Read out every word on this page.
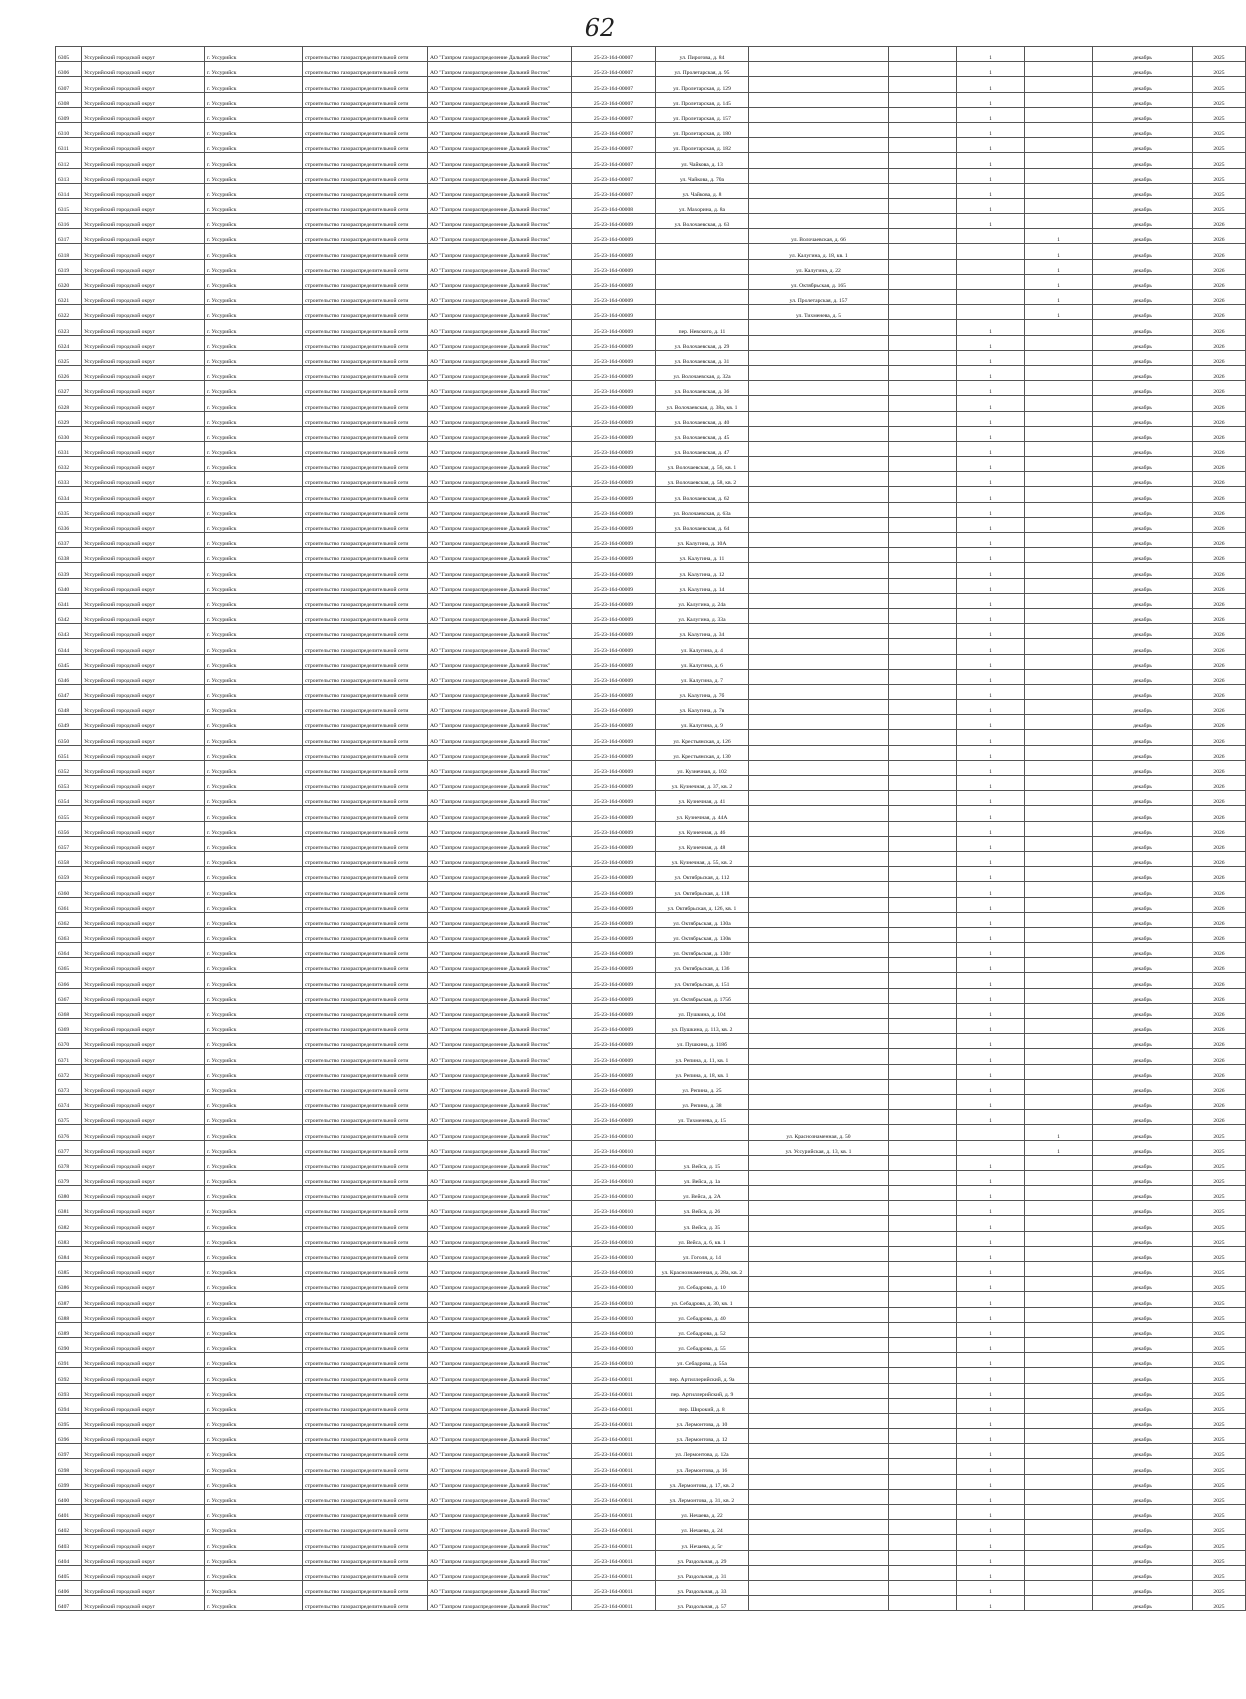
62
6305	Уссурийский городской округ	г. Уссурийск	строительство газораспределительной сети	АО "Газпром газораспределение Дальний Восток"	25-23-164-00007	ул. Пирогова, д. 84			1		декабрь	2025
6306	Уссурийский городской округ	г. Уссурийск	строительство газораспределительной сети	АО "Газпром газораспределение Дальний Восток"	25-23-164-00007	ул. Пролетарская, д. 95			1		декабрь	2025
6307	Уссурийский городской округ	г. Уссурийск	строительство газораспределительной сети	АО "Газпром газораспределение Дальний Восток"	25-23-164-00007	ул. Пролетарская, д. 129			1		декабрь	2025
6308	Уссурийский городской округ	г. Уссурийск	строительство газораспределительной сети	АО "Газпром газораспределение Дальний Восток"	25-23-164-00007	ул. Пролетарская, д. 145			1		декабрь	2025
6309	Уссурийский городской округ	г. Уссурийск	строительство газораспределительной сети	АО "Газпром газораспределение Дальний Восток"	25-23-164-00007	ул. Пролетарская, д. 157			1		декабрь	2025
6310	Уссурийский городской округ	г. Уссурийск	строительство газораспределительной сети	АО "Газпром газораспределение Дальний Восток"	25-23-164-00007	ул. Пролетарская, д. 180			1		декабрь	2025
6311	Уссурийский городской округ	г. Уссурийск	строительство газораспределительной сети	АО "Газпром газораспределение Дальний Восток"	25-23-164-00007	ул. Пролетарская, д. 182			1		декабрь	2025
6312	Уссурийский городской округ	г. Уссурийск	строительство газораспределительной сети	АО "Газпром газораспределение Дальний Восток"	25-23-164-00007	ул. Чайкова, д. 13			1		декабрь	2025
6313	Уссурийский городской округ	г. Уссурийск	строительство газораспределительной сети	АО "Газпром газораспределение Дальний Восток"	25-23-164-00007	ул. Чайкова, д. 70а			1		декабрь	2025
6314	Уссурийский городской округ	г. Уссурийск	строительство газораспределительной сети	АО "Газпром газораспределение Дальний Восток"	25-23-164-00007	ул. Чайкова, д. 8			1		декабрь	2025
6315	Уссурийский городской округ	г. Уссурийск	строительство газораспределительной сети	АО "Газпром газораспределение Дальний Восток"	25-23-164-00008	ул. Махорина, д. 8а			1		декабрь	2025
6316	Уссурийский городской округ	г. Уссурийск	строительство газораспределительной сети	АО "Газпром газораспределение Дальний Восток"	25-23-164-00009	ул. Волочаевская, д. 63			1		декабрь	2026
6317	Уссурийский городской округ	г. Уссурийск	строительство газораспределительной сети	АО "Газпром газораспределение Дальний Восток"	25-23-164-00009		ул. Волочаевская, д. 66			1	декабрь	2026
6318	Уссурийский городской округ	г. Уссурийск	строительство газораспределительной сети	АО "Газпром газораспределение Дальний Восток"	25-23-164-00009		ул. Калугина, д. 18, кв. 1			1	декабрь	2026
6319	Уссурийский городской округ	г. Уссурийск	строительство газораспределительной сети	АО "Газпром газораспределение Дальний Восток"	25-23-164-00009		ул. Калугина, д. 22			1	декабрь	2026
6320	Уссурийский городской округ	г. Уссурийск	строительство газораспределительной сети	АО "Газпром газораспределение Дальний Восток"	25-23-164-00009		ул. Октябрьская, д. 165			1	декабрь	2026
6321	Уссурийский городской округ	г. Уссурийск	строительство газораспределительной сети	АО "Газпром газораспределение Дальний Восток"	25-23-164-00009		ул. Пролетарская, д. 157			1	декабрь	2026
6322	Уссурийский городской округ	г. Уссурийск	строительство газораспределительной сети	АО "Газпром газораспределение Дальний Восток"	25-23-164-00009		ул. Тихменева, д. 5			1	декабрь	2026
6323	Уссурийский городской округ	г. Уссурийск	строительство газораспределительной сети	АО "Газпром газораспределение Дальний Восток"	25-23-164-00009	пер. Невского, д. 11			1		декабрь	2026
6324	Уссурийский городской округ	г. Уссурийск	строительство газораспределительной сети	АО "Газпром газораспределение Дальний Восток"	25-23-164-00009	ул. Волочаевская, д. 29			1		декабрь	2026
6325	Уссурийский городской округ	г. Уссурийск	строительство газораспределительной сети	АО "Газпром газораспределение Дальний Восток"	25-23-164-00009	ул. Волочаевская, д. 31			1		декабрь	2026
6326	Уссурийский городской округ	г. Уссурийск	строительство газораспределительной сети	АО "Газпром газораспределение Дальний Восток"	25-23-164-00009	ул. Волочаевская, д. 32а			1		декабрь	2026
6327	Уссурийский городской округ	г. Уссурийск	строительство газораспределительной сети	АО "Газпром газораспределение Дальний Восток"	25-23-164-00009	ул. Волочаевская, д. 36			1		декабрь	2026
6328	Уссурийский городской округ	г. Уссурийск	строительство газораспределительной сети	АО "Газпром газораспределение Дальний Восток"	25-23-164-00009	ул. Волочаевская, д. 38а, кв. 1			1		декабрь	2026
6329	Уссурийский городской округ	г. Уссурийск	строительство газораспределительной сети	АО "Газпром газораспределение Дальний Восток"	25-23-164-00009	ул. Волочаевская, д. 40			1		декабрь	2026
6330	Уссурийский городской округ	г. Уссурийск	строительство газораспределительной сети	АО "Газпром газораспределение Дальний Восток"	25-23-164-00009	ул. Волочаевская, д. 45			1		декабрь	2026
6331	Уссурийский городской округ	г. Уссурийск	строительство газораспределительной сети	АО "Газпром газораспределение Дальний Восток"	25-23-164-00009	ул. Волочаевская, д. 47			1		декабрь	2026
6332	Уссурийский городской округ	г. Уссурийск	строительство газораспределительной сети	АО "Газпром газораспределение Дальний Восток"	25-23-164-00009	ул. Волочаевская, д. 56, кв. 1			1		декабрь	2026
6333	Уссурийский городской округ	г. Уссурийск	строительство газораспределительной сети	АО "Газпром газораспределение Дальний Восток"	25-23-164-00009	ул. Волочаевская, д. 58, кв. 2			1		декабрь	2026
6334	Уссурийский городской округ	г. Уссурийск	строительство газораспределительной сети	АО "Газпром газораспределение Дальний Восток"	25-23-164-00009	ул. Волочаевская, д. 62			1		декабрь	2026
6335	Уссурийский городской округ	г. Уссурийск	строительство газораспределительной сети	АО "Газпром газораспределение Дальний Восток"	25-23-164-00009	ул. Волочаевская, д. 63а			1		декабрь	2026
6336	Уссурийский городской округ	г. Уссурийск	строительство газораспределительной сети	АО "Газпром газораспределение Дальний Восток"	25-23-164-00009	ул. Волочаевская, д. 64			1		декабрь	2026
6337	Уссурийский городской округ	г. Уссурийск	строительство газораспределительной сети	АО "Газпром газораспределение Дальний Восток"	25-23-164-00009	ул. Калугина, д. 10А			1		декабрь	2026
6338	Уссурийский городской округ	г. Уссурийск	строительство газораспределительной сети	АО "Газпром газораспределение Дальний Восток"	25-23-164-00009	ул. Калугина, д. 11			1		декабрь	2026
6339	Уссурийский городской округ	г. Уссурийск	строительство газораспределительной сети	АО "Газпром газораспределение Дальний Восток"	25-23-164-00009	ул. Калугина, д. 12			1		декабрь	2026
6340	Уссурийский городской округ	г. Уссурийск	строительство газораспределительной сети	АО "Газпром газораспределение Дальний Восток"	25-23-164-00009	ул. Калугина, д. 14			1		декабрь	2026
6341	Уссурийский городской округ	г. Уссурийск	строительство газораспределительной сети	АО "Газпром газораспределение Дальний Восток"	25-23-164-00009	ул. Калугина, д. 24а			1		декабрь	2026
6342	Уссурийский городской округ	г. Уссурийск	строительство газораспределительной сети	АО "Газпром газораспределение Дальний Восток"	25-23-164-00009	ул. Калугина, д. 33а			1		декабрь	2026
6343	Уссурийский городской округ	г. Уссурийск	строительство газораспределительной сети	АО "Газпром газораспределение Дальний Восток"	25-23-164-00009	ул. Калугина, д. 34			1		декабрь	2026
6344	Уссурийский городской округ	г. Уссурийск	строительство газораспределительной сети	АО "Газпром газораспределение Дальний Восток"	25-23-164-00009	ул. Калугина, д. 4			1		декабрь	2026
6345	Уссурийский городской округ	г. Уссурийск	строительство газораспределительной сети	АО "Газпром газораспределение Дальний Восток"	25-23-164-00009	ул. Калугина, д. 6			1		декабрь	2026
6346	Уссурийский городской округ	г. Уссурийск	строительство газораспределительной сети	АО "Газпром газораспределение Дальний Восток"	25-23-164-00009	ул. Калугина, д. 7			1		декабрь	2026
6347	Уссурийский городской округ	г. Уссурийск	строительство газораспределительной сети	АО "Газпром газораспределение Дальний Восток"	25-23-164-00009	ул. Калугина, д. 7б			1		декабрь	2026
6348	Уссурийский городской округ	г. Уссурийск	строительство газораспределительной сети	АО "Газпром газораспределение Дальний Восток"	25-23-164-00009	ул. Калугина, д. 7в			1		декабрь	2026
6349	Уссурийский городской округ	г. Уссурийск	строительство газораспределительной сети	АО "Газпром газораспределение Дальний Восток"	25-23-164-00009	ул. Калугина, д. 9			1		декабрь	2026
6350	Уссурийский городской округ	г. Уссурийск	строительство газораспределительной сети	АО "Газпром газораспределение Дальний Восток"	25-23-164-00009	ул. Крестьянская, д. 126			1		декабрь	2026
6351	Уссурийский городской округ	г. Уссурийск	строительство газораспределительной сети	АО "Газпром газораспределение Дальний Восток"	25-23-164-00009	ул. Крестьянская, д. 130			1		декабрь	2026
6352	Уссурийский городской округ	г. Уссурийск	строительство газораспределительной сети	АО "Газпром газораспределение Дальний Восток"	25-23-164-00009	ул. Кузнечная, д. 102			1		декабрь	2026
6353	Уссурийский городской округ	г. Уссурийск	строительство газораспределительной сети	АО "Газпром газораспределение Дальний Восток"	25-23-164-00009	ул. Кузнечная, д. 37, кв. 2			1		декабрь	2026
6354	Уссурийский городской округ	г. Уссурийск	строительство газораспределительной сети	АО "Газпром газораспределение Дальний Восток"	25-23-164-00009	ул. Кузнечная, д. 41			1		декабрь	2026
6355	Уссурийский городской округ	г. Уссурийск	строительство газораспределительной сети	АО "Газпром газораспределение Дальний Восток"	25-23-164-00009	ул. Кузнечная, д. 44А			1		декабрь	2026
6356	Уссурийский городской округ	г. Уссурийск	строительство газораспределительной сети	АО "Газпром газораспределение Дальний Восток"	25-23-164-00009	ул. Кузнечная, д. 46			1		декабрь	2026
6357	Уссурийский городской округ	г. Уссурийск	строительство газораспределительной сети	АО "Газпром газораспределение Дальний Восток"	25-23-164-00009	ул. Кузнечная, д. 48			1		декабрь	2026
6358	Уссурийский городской округ	г. Уссурийск	строительство газораспределительной сети	АО "Газпром газораспределение Дальний Восток"	25-23-164-00009	ул. Кузнечная, д. 55, кв. 2			1		декабрь	2026
6359	Уссурийский городской округ	г. Уссурийск	строительство газораспределительной сети	АО "Газпром газораспределение Дальний Восток"	25-23-164-00009	ул. Октябрьская, д. 112			1		декабрь	2026
6360	Уссурийский городской округ	г. Уссурийск	строительство газораспределительной сети	АО "Газпром газораспределение Дальний Восток"	25-23-164-00009	ул. Октябрьская, д. 118			1		декабрь	2026
6361	Уссурийский городской округ	г. Уссурийск	строительство газораспределительной сети	АО "Газпром газораспределение Дальний Восток"	25-23-164-00009	ул. Октябрьская, д. 126, кв. 1			1		декабрь	2026
6362	Уссурийский городской округ	г. Уссурийск	строительство газораспределительной сети	АО "Газпром газораспределение Дальний Восток"	25-23-164-00009	ул. Октябрьская, д. 130а			1		декабрь	2026
6363	Уссурийский городской округ	г. Уссурийск	строительство газораспределительной сети	АО "Газпром газораспределение Дальний Восток"	25-23-164-00009	ул. Октябрьская, д. 130в			1		декабрь	2026
6364	Уссурийский городской округ	г. Уссурийск	строительство газораспределительной сети	АО "Газпром газораспределение Дальний Восток"	25-23-164-00009	ул. Октябрьская, д. 130г			1		декабрь	2026
6365	Уссурийский городской округ	г. Уссурийск	строительство газораспределительной сети	АО "Газпром газораспределение Дальний Восток"	25-23-164-00009	ул. Октябрьская, д. 136			1		декабрь	2026
6366	Уссурийский городской округ	г. Уссурийск	строительство газораспределительной сети	АО "Газпром газораспределение Дальний Восток"	25-23-164-00009	ул. Октябрьская, д. 151			1		декабрь	2026
6367	Уссурийский городской округ	г. Уссурийск	строительство газораспределительной сети	АО "Газпром газораспределение Дальний Восток"	25-23-164-00009	ул. Октябрьская, д. 175б			1		декабрь	2026
6368	Уссурийский городской округ	г. Уссурийск	строительство газораспределительной сети	АО "Газпром газораспределение Дальний Восток"	25-23-164-00009	ул. Пушкина, д. 104			1		декабрь	2026
6369	Уссурийский городской округ	г. Уссурийск	строительство газораспределительной сети	АО "Газпром газораспределение Дальний Восток"	25-23-164-00009	ул. Пушкина, д. 113, кв. 2			1		декабрь	2026
6370	Уссурийский городской округ	г. Уссурийск	строительство газораспределительной сети	АО "Газпром газораспределение Дальний Восток"	25-23-164-00009	ул. Пушкина, д. 118б			1		декабрь	2026
6371	Уссурийский городской округ	г. Уссурийск	строительство газораспределительной сети	АО "Газпром газораспределение Дальний Восток"	25-23-164-00009	ул. Репина, д. 11, кв. 1			1		декабрь	2026
6372	Уссурийский городской округ	г. Уссурийск	строительство газораспределительной сети	АО "Газпром газораспределение Дальний Восток"	25-23-164-00009	ул. Репина, д. 18, кв. 1			1		декабрь	2026
6373	Уссурийский городской округ	г. Уссурийск	строительство газораспределительной сети	АО "Газпром газораспределение Дальний Восток"	25-23-164-00009	ул. Репина, д. 25			1		декабрь	2026
6374	Уссурийский городской округ	г. Уссурийск	строительство газораспределительной сети	АО "Газпром газораспределение Дальний Восток"	25-23-164-00009	ул. Репина, д. 38			1		декабрь	2026
6375	Уссурийский городской округ	г. Уссурийск	строительство газораспределительной сети	АО "Газпром газораспределение Дальний Восток"	25-23-164-00009	ул. Тихменева, д. 15			1		декабрь	2026
6376	Уссурийский городской округ	г. Уссурийск	строительство газораспределительной сети	АО "Газпром газораспределение Дальний Восток"	25-23-164-00010		ул. Краснознаменная, д. 50			1	декабрь	2025
6377	Уссурийский городской округ	г. Уссурийск	строительство газораспределительной сети	АО "Газпром газораспределение Дальний Восток"	25-23-164-00010		ул. Уссурийская, д. 13, кв. 1			1	декабрь	2025
6378	Уссурийский городской округ	г. Уссурийск	строительство газораспределительной сети	АО "Газпром газораспределение Дальний Восток"	25-23-164-00010	ул. Вейса, д. 15			1		декабрь	2025
6379	Уссурийский городской округ	г. Уссурийск	строительство газораспределительной сети	АО "Газпром газораспределение Дальний Восток"	25-23-164-00010	ул. Вейса, д. 1а			1		декабрь	2025
6380	Уссурийский городской округ	г. Уссурийск	строительство газораспределительной сети	АО "Газпром газораспределение Дальний Восток"	25-23-164-00010	ул. Вейса, д. 2А			1		декабрь	2025
6381	Уссурийский городской округ	г. Уссурийск	строительство газораспределительной сети	АО "Газпром газораспределение Дальний Восток"	25-23-164-00010	ул. Вейса, д. 26			1		декабрь	2025
6382	Уссурийский городской округ	г. Уссурийск	строительство газораспределительной сети	АО "Газпром газораспределение Дальний Восток"	25-23-164-00010	ул. Вейса, д. 35			1		декабрь	2025
6383	Уссурийский городской округ	г. Уссурийск	строительство газораспределительной сети	АО "Газпром газораспределение Дальний Восток"	25-23-164-00010	ул. Вейса, д. 6, кв. 1			1		декабрь	2025
6384	Уссурийский городской округ	г. Уссурийск	строительство газораспределительной сети	АО "Газпром газораспределение Дальний Восток"	25-23-164-00010	ул. Гоголя, д. 14			1		декабрь	2025
6385	Уссурийский городской округ	г. Уссурийск	строительство газораспределительной сети	АО "Газпром газораспределение Дальний Восток"	25-23-164-00010	ул. Краснознаменная, д. 28а, кв. 2			1		декабрь	2025
6386	Уссурийский городской округ	г. Уссурийск	строительство газораспределительной сети	АО "Газпром газораспределение Дальний Восток"	25-23-164-00010	ул. Себадрова, д. 10			1		декабрь	2025
6387	Уссурийский городской округ	г. Уссурийск	строительство газораспределительной сети	АО "Газпром газораспределение Дальний Восток"	25-23-164-00010	ул. Себадрова, д. 30, кв. 1			1		декабрь	2025
6388	Уссурийский городской округ	г. Уссурийск	строительство газораспределительной сети	АО "Газпром газораспределение Дальний Восток"	25-23-164-00010	ул. Себадрова, д. 40			1		декабрь	2025
6389	Уссурийский городской округ	г. Уссурийск	строительство газораспределительной сети	АО "Газпром газораспределение Дальний Восток"	25-23-164-00010	ул. Себадрова, д. 52			1		декабрь	2025
6390	Уссурийский городской округ	г. Уссурийск	строительство газораспределительной сети	АО "Газпром газораспределение Дальний Восток"	25-23-164-00010	ул. Себадрова, д. 55			1		декабрь	2025
6391	Уссурийский городской округ	г. Уссурийск	строительство газораспределительной сети	АО "Газпром газораспределение Дальний Восток"	25-23-164-00010	ул. Себадрова, д. 55а			1		декабрь	2025
6392	Уссурийский городской округ	г. Уссурийск	строительство газораспределительной сети	АО "Газпром газораспределение Дальний Восток"	25-23-164-00011	пер. Артиллерийский, д. 9а			1		декабрь	2025
6393	Уссурийский городской округ	г. Уссурийск	строительство газораспределительной сети	АО "Газпром газораспределение Дальний Восток"	25-23-164-00011	пер. Артиллерийский, д. 9			1		декабрь	2025
6394	Уссурийский городской округ	г. Уссурийск	строительство газораспределительной сети	АО "Газпром газораспределение Дальний Восток"	25-23-164-00011	пер. Широкий, д. 8			1		декабрь	2025
6395	Уссурийский городской округ	г. Уссурийск	строительство газораспределительной сети	АО "Газпром газораспределение Дальний Восток"	25-23-164-00011	ул. Лермонтова, д. 10			1		декабрь	2025
6396	Уссурийский городской округ	г. Уссурийск	строительство газораспределительной сети	АО "Газпром газораспределение Дальний Восток"	25-23-164-00011	ул. Лермонтова, д. 12			1		декабрь	2025
6397	Уссурийский городской округ	г. Уссурийск	строительство газораспределительной сети	АО "Газпром газораспределение Дальний Восток"	25-23-164-00011	ул. Лермонтова, д. 12а			1		декабрь	2025
6398	Уссурийский городской округ	г. Уссурийск	строительство газораспределительной сети	АО "Газпром газораспределение Дальний Восток"	25-23-164-00011	ул. Лермонтова, д. 16			1		декабрь	2025
6399	Уссурийский городской округ	г. Уссурийск	строительство газораспределительной сети	АО "Газпром газораспределение Дальний Восток"	25-23-164-00011	ул. Лермонтова, д. 17, кв. 2			1		декабрь	2025
6400	Уссурийский городской округ	г. Уссурийск	строительство газораспределительной сети	АО "Газпром газораспределение Дальний Восток"	25-23-164-00011	ул. Лермонтова, д. 31, кв. 2			1		декабрь	2025
6401	Уссурийский городской округ	г. Уссурийск	строительство газораспределительной сети	АО "Газпром газораспределение Дальний Восток"	25-23-164-00011	ул. Нечаева, д. 22			1		декабрь	2025
6402	Уссурийский городской округ	г. Уссурийск	строительство газораспределительной сети	АО "Газпром газораспределение Дальний Восток"	25-23-164-00011	ул. Нечаева, д. 24			1		декабрь	2025
6403	Уссурийский городской округ	г. Уссурийск	строительство газораспределительной сети	АО "Газпром газораспределение Дальний Восток"	25-23-164-00011	ул. Нечаева, д. 5г			1		декабрь	2025
6404	Уссурийский городской округ	г. Уссурийск	строительство газораспределительной сети	АО "Газпром газораспределение Дальний Восток"	25-23-164-00011	ул. Раздольная, д. 29			1		декабрь	2025
6405	Уссурийский городской округ	г. Уссурийск	строительство газораспределительной сети	АО "Газпром газораспределение Дальний Восток"	25-23-164-00011	ул. Раздольная, д. 31			1		декабрь	2025
6406	Уссурийский городской округ	г. Уссурийск	строительство газораспределительной сети	АО "Газпром газораспределение Дальний Восток"	25-23-164-00011	ул. Раздольная, д. 33			1		декабрь	2025
6407	Уссурийский городской округ	г. Уссурийск	строительство газораспределительной сети	АО "Газпром газораспределение Дальний Восток"	25-23-164-00011	ул. Раздольная, д. 57			1		декабрь	2025
